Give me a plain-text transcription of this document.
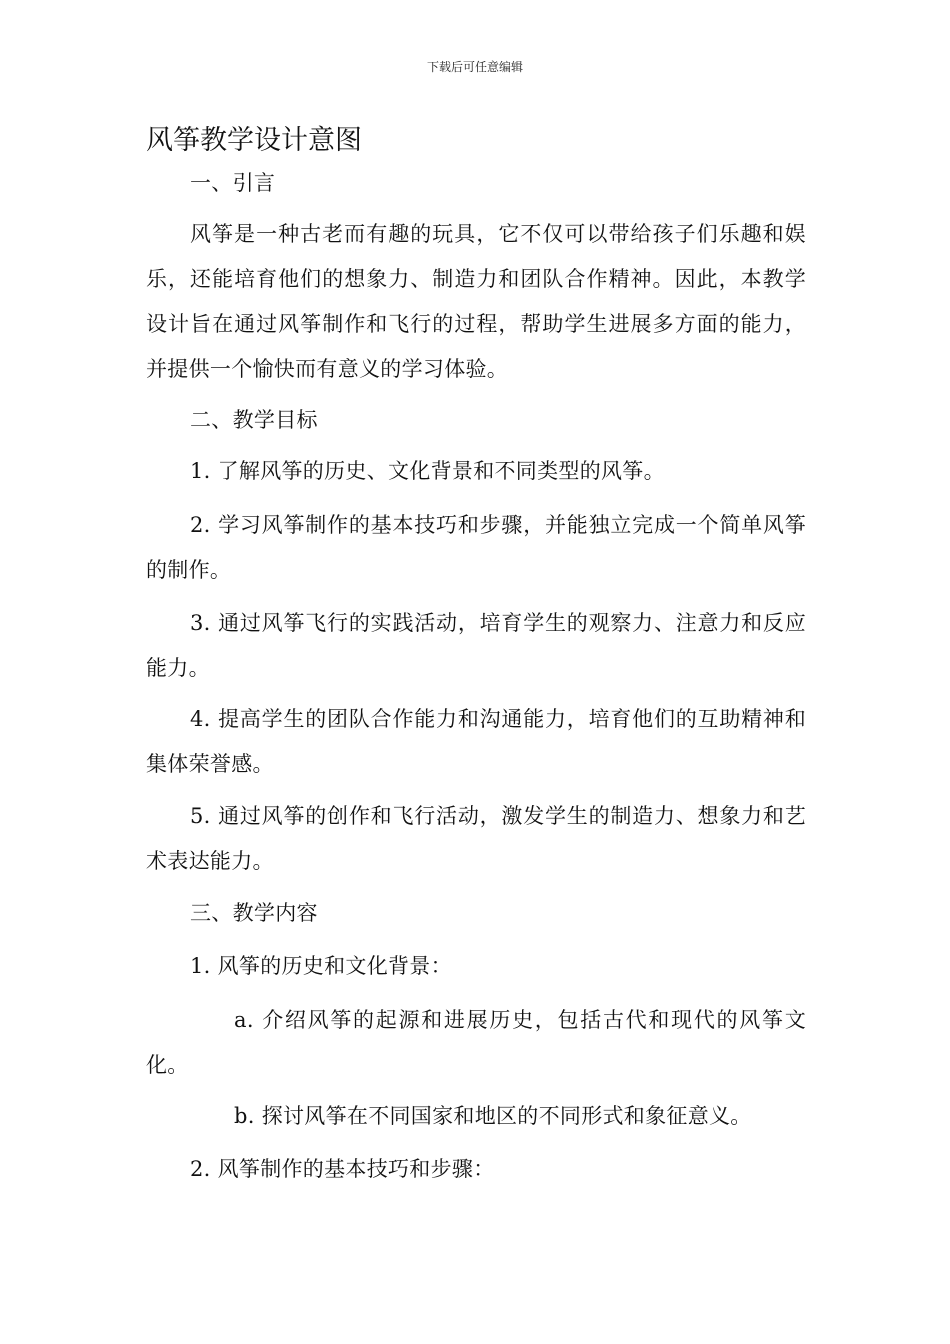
下载后可任意编辑
风筝教学设计意图

一、引言

风筝是一种古老而有趣的玩具，它不仅可以带给孩子们乐趣和娱乐，还能培育他们的想象力、制造力和团队合作精神。因此，本教学设计旨在通过风筝制作和飞行的过程，帮助学生进展多方面的能力，并提供一个愉快而有意义的学习体验。

二、教学目标

1. 了解风筝的历史、文化背景和不同类型的风筝。

2. 学习风筝制作的基本技巧和步骤，并能独立完成一个简单风筝的制作。

3. 通过风筝飞行的实践活动，培育学生的观察力、注意力和反应能力。

4. 提高学生的团队合作能力和沟通能力，培育他们的互助精神和集体荣誉感。

5. 通过风筝的创作和飞行活动，激发学生的制造力、想象力和艺术表达能力。

三、教学内容

1. 风筝的历史和文化背景：

a. 介绍风筝的起源和进展历史，包括古代和现代的风筝文化。

b. 探讨风筝在不同国家和地区的不同形式和象征意义。

2. 风筝制作的基本技巧和步骤：
